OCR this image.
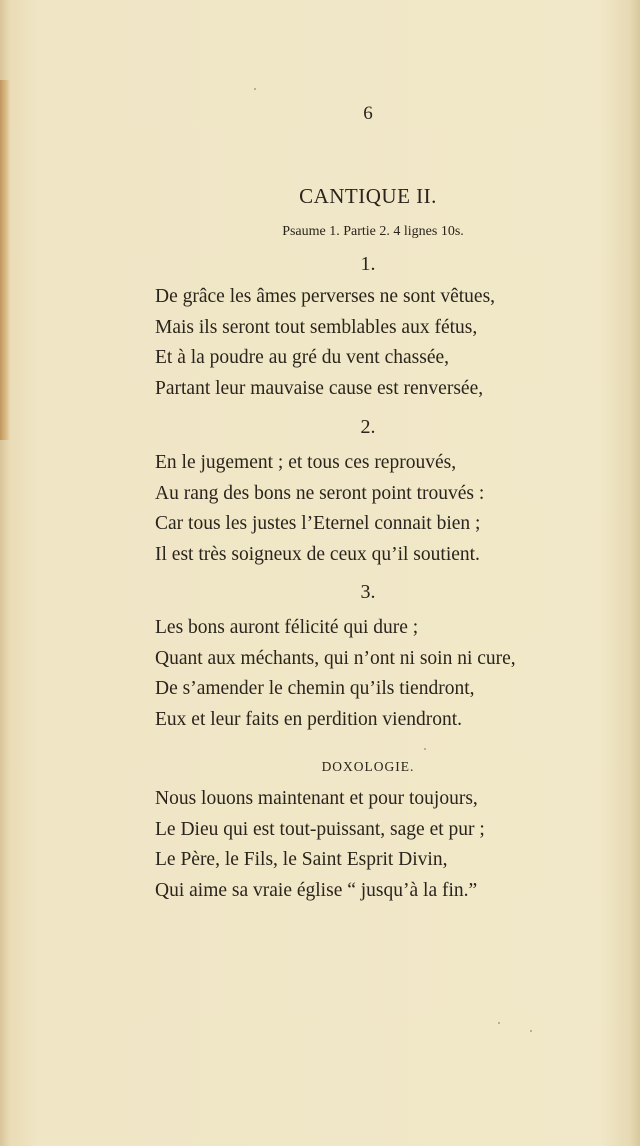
6
CANTIQUE II.
Psaume 1. Partie 2. 4 lignes 10s.
1.
De grâce les âmes perverses ne sont vêtues,
Mais ils seront tout semblables aux fétus,
Et à la poudre au gré du vent chassée,
Partant leur mauvaise cause est renversée,
2.
En le jugement ; et tous ces reprouvés,
Au rang des bons ne seront point trouvés :
Car tous les justes l’Eternel connait bien ;
Il est très soigneux de ceux qu’il soutient.
3.
Les bons auront félicité qui dure ;
Quant aux méchants, qui n’ont ni soin ni cure,
De s’amender le chemin qu’ils tiendront,
Eux et leur faits en perdition viendront.
DOXOLOGIE.
Nous louons maintenant et pour toujours,
Le Dieu qui est tout-puissant, sage et pur ;
Le Père, le Fils, le Saint Esprit Divin,
Qui aime sa vraie église “ jusqu’à la fin.”
